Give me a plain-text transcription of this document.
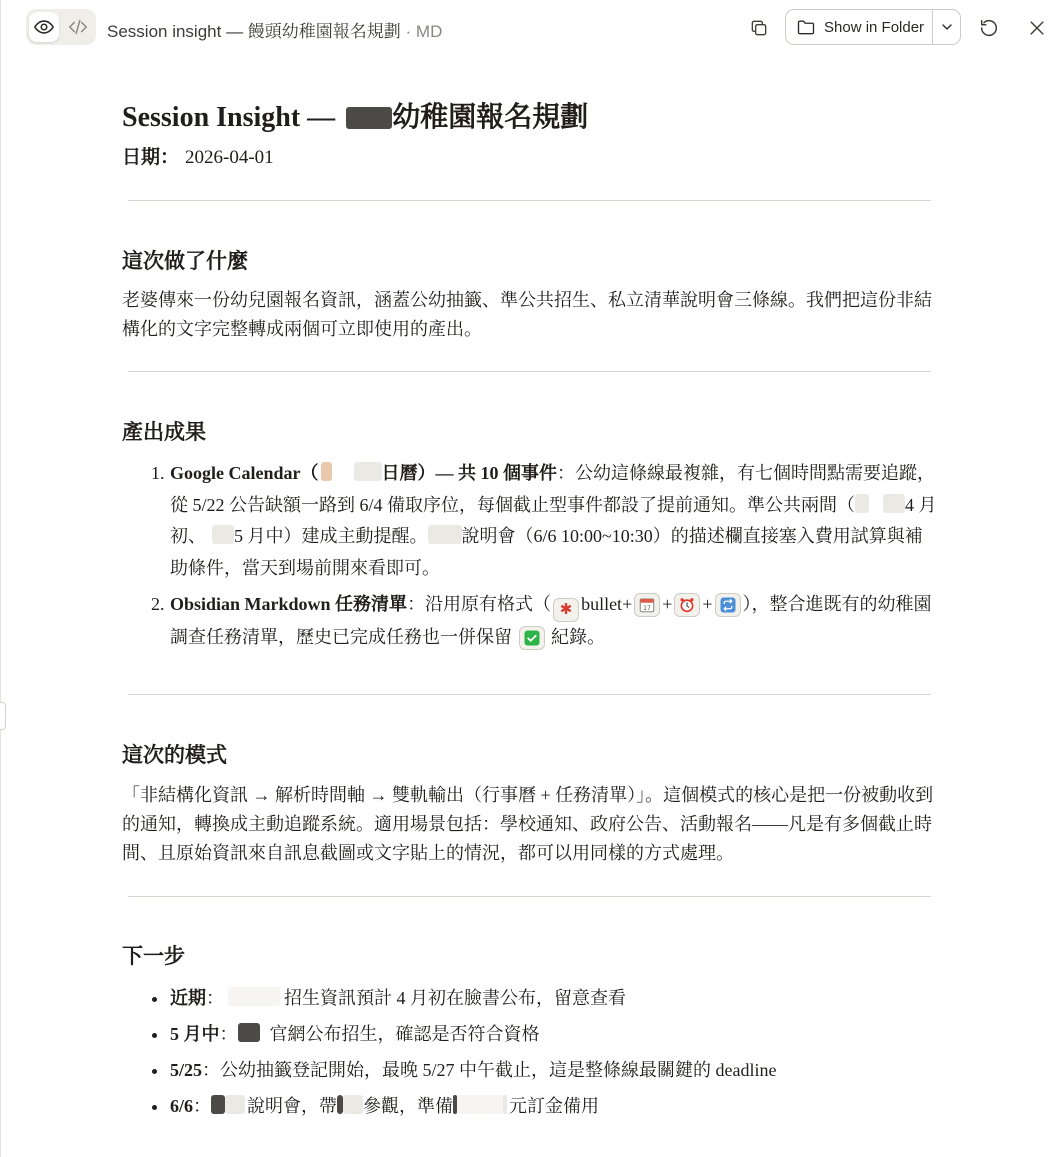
Session insight — 饅頭幼稚園報名規劃 · MD	Show in Folder
Session Insight — 幼稚園報名規劃
日期： 2026-04-01
這次做了什麼

老婆傳來一份幼兒園報名資訊，涵蓋公幼抽籤、準公共招生、私立清華說明會三條線。我們把這份非結構化的文字完整轉成兩個可立即使用的產出。

產出成果
1. Google Calendar（	日曆）— 共 10 個事件：公幼這條線最複雜，有七個時間點需要追蹤，從 5/22 公告缺額一路到 6/4 備取序位，每個截止型事件都設了提前通知。準公共兩間（	4 月初、 5 月中）建成主動提醒。 說明會（6/6 10:00~10:30）的描述欄直接塞入費用試算與補助條件，當天到場前開來看即可。
2. Obsidian Markdown 任務清單：沿用原有格式（ ✱ bullet+ 17 + + ），整合進既有的幼稚園調查任務清單，歷史已完成任務也一併保留 紀錄。
這次的模式

「非結構化資訊 → 解析時間軸 → 雙軌輸出（行事曆 + 任務清單）」。這個模式的核心是把一份被動收到的通知，轉換成主動追蹤系統。適用場景包括：學校通知、政府公告、活動報名——凡是有多個截止時間、且原始資訊來自訊息截圖或文字貼上的情況，都可以用同樣的方式處理。

下一步
• 近期：	招生資訊預計 4 月初在臉書公布，留意查看
• 5 月中： 官網公布招生，確認是否符合資格
• 5/25：公幼抽籤登記開始，最晚 5/27 中午截止，這是整條線最關鍵的 deadline
• 6/6： 說明會，帶 參觀，準備	元訂金備用
